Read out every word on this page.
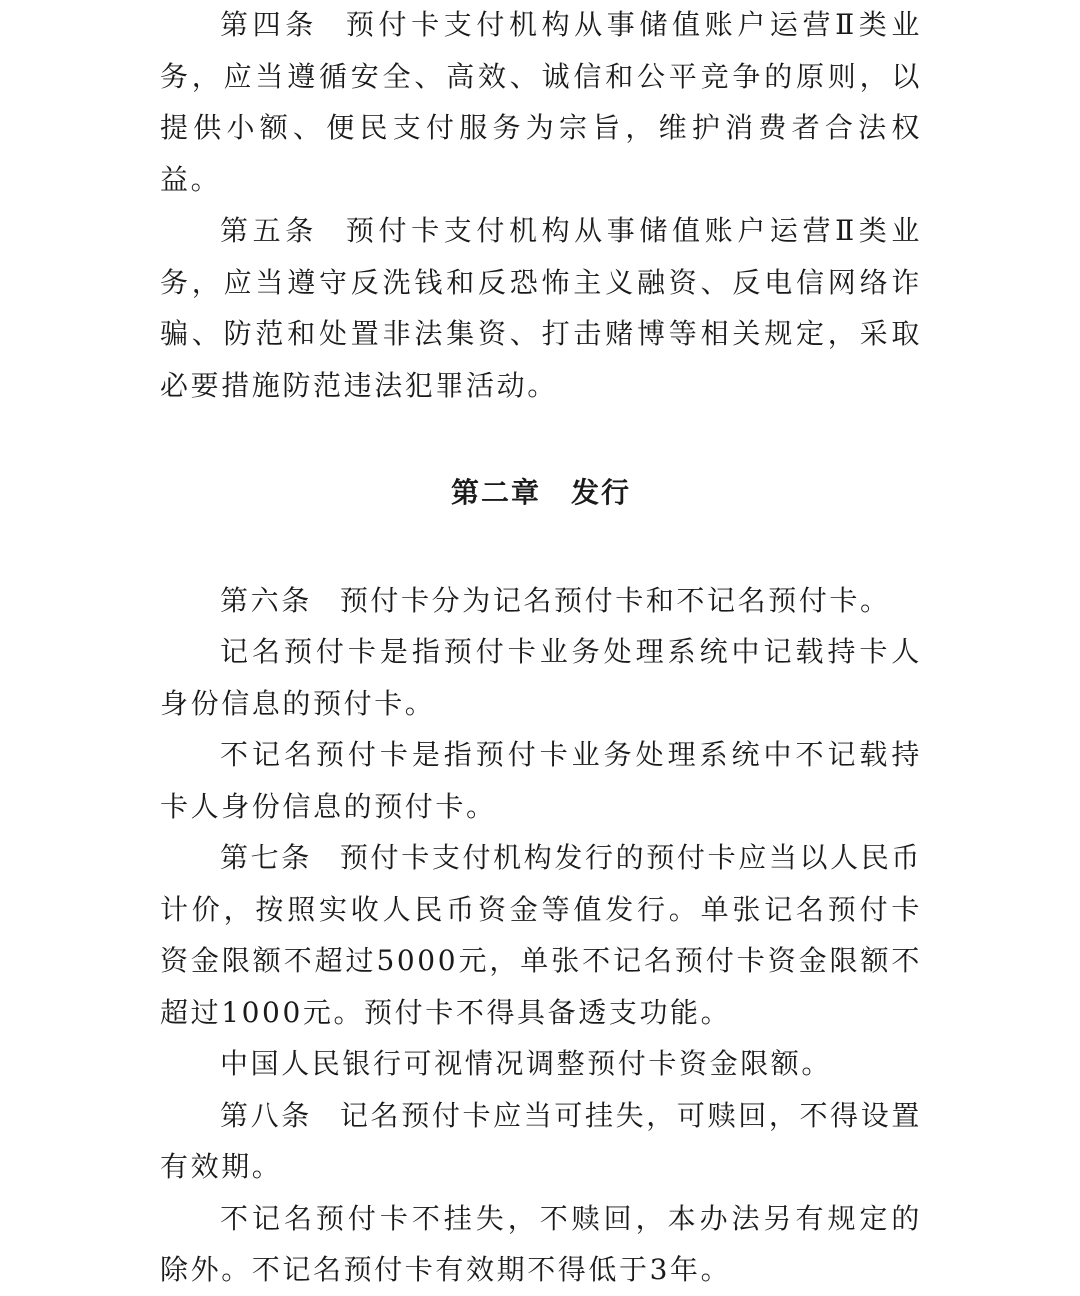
第四条 预付卡支付机构从事储值账户运营Ⅱ类业务，应当遵循安全、高效、诚信和公平竞争的原则，以提供小额、便民支付服务为宗旨，维护消费者合法权益。

第五条 预付卡支付机构从事储值账户运营Ⅱ类业务，应当遵守反洗钱和反恐怖主义融资、反电信网络诈骗、防范和处置非法集资、打击赌博等相关规定，采取必要措施防范违法犯罪活动。

第二章 发行

第六条 预付卡分为记名预付卡和不记名预付卡。

记名预付卡是指预付卡业务处理系统中记载持卡人身份信息的预付卡。

不记名预付卡是指预付卡业务处理系统中不记载持卡人身份信息的预付卡。

第七条 预付卡支付机构发行的预付卡应当以人民币计价，按照实收人民币资金等值发行。单张记名预付卡资金限额不超过5000元，单张不记名预付卡资金限额不超过1000元。预付卡不得具备透支功能。

中国人民银行可视情况调整预付卡资金限额。

第八条 记名预付卡应当可挂失，可赎回，不得设置有效期。

不记名预付卡不挂失，不赎回，本办法另有规定的除外。不记名预付卡有效期不得低于3年。
